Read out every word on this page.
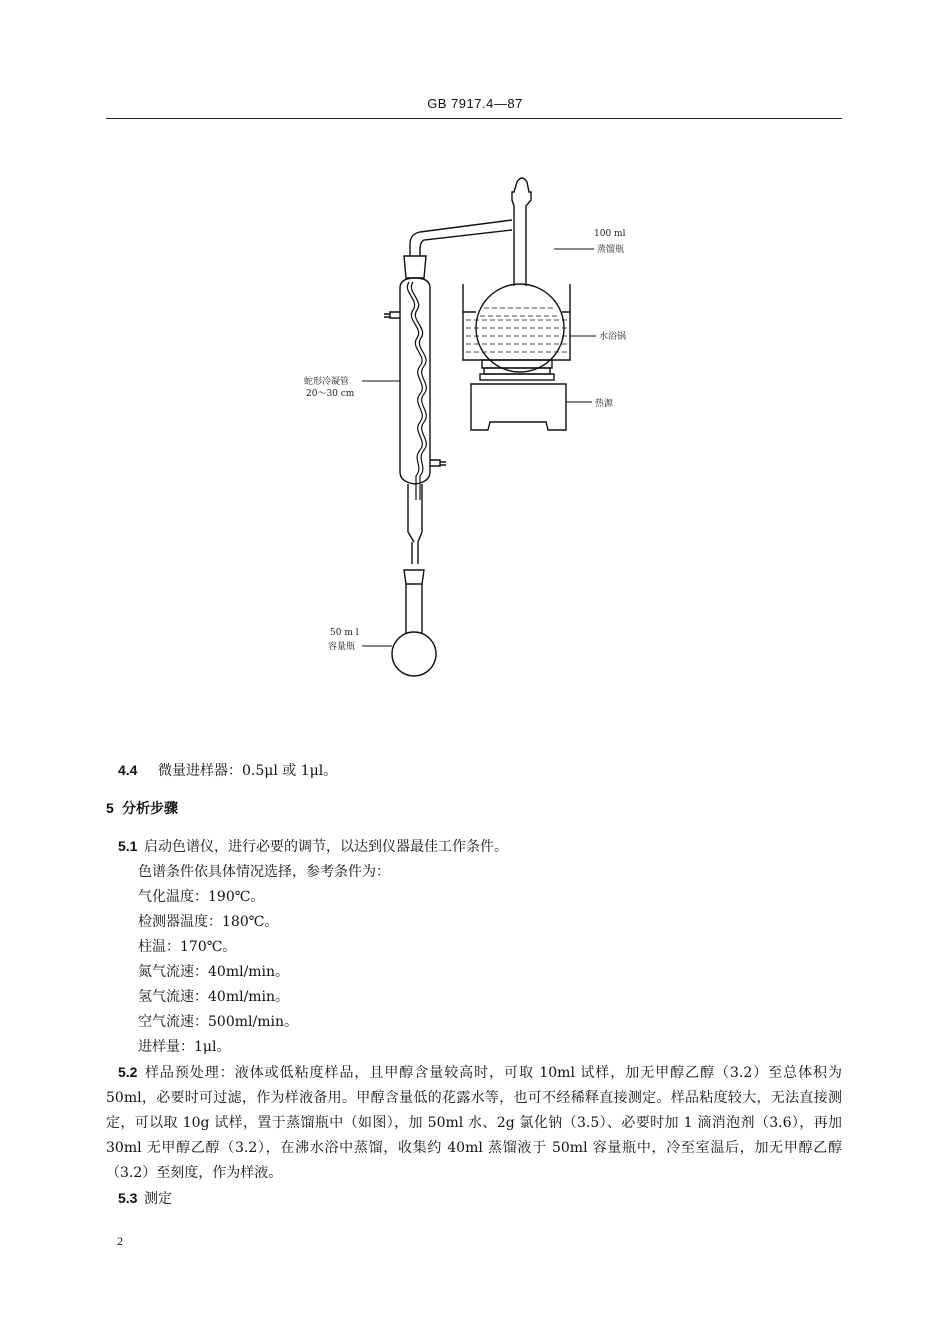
GB 7917.4—87
100 ml
蒸馏瓶
水浴锅
热源
蛇形冷凝管
20～30 cm
50 m l
容量瓶
4.4 微量进样器：0.5μl 或 1μl。
5 分析步骤
5.1 启动色谱仪，进行必要的调节，以达到仪器最佳工作条件。
色谱条件依具体情况选择，参考条件为：
气化温度：190℃。
检测器温度：180℃。
柱温：170℃。
氮气流速：40ml/min。
氢气流速：40ml/min。
空气流速：500ml/min。
进样量：1μl。
5.2 样品预处理：液体或低粘度样品，且甲醇含量较高时，可取 10ml 试样，加无甲醇乙醇（3.2）至总体积为 50ml，必要时可过滤，作为样液备用。甲醇含量低的花露水等，也可不经稀释直接测定。样品粘度较大，无法直接测定，可以取 10g 试样，置于蒸馏瓶中（如图），加 50ml 水、2g 氯化钠（3.5）、必要时加 1 滴消泡剂（3.6），再加 30ml 无甲醇乙醇（3.2），在沸水浴中蒸馏，收集约 40ml 蒸馏液于 50ml 容量瓶中，冷至室温后，加无甲醇乙醇（3.2）至刻度，作为样液。
5.3 测定
2
